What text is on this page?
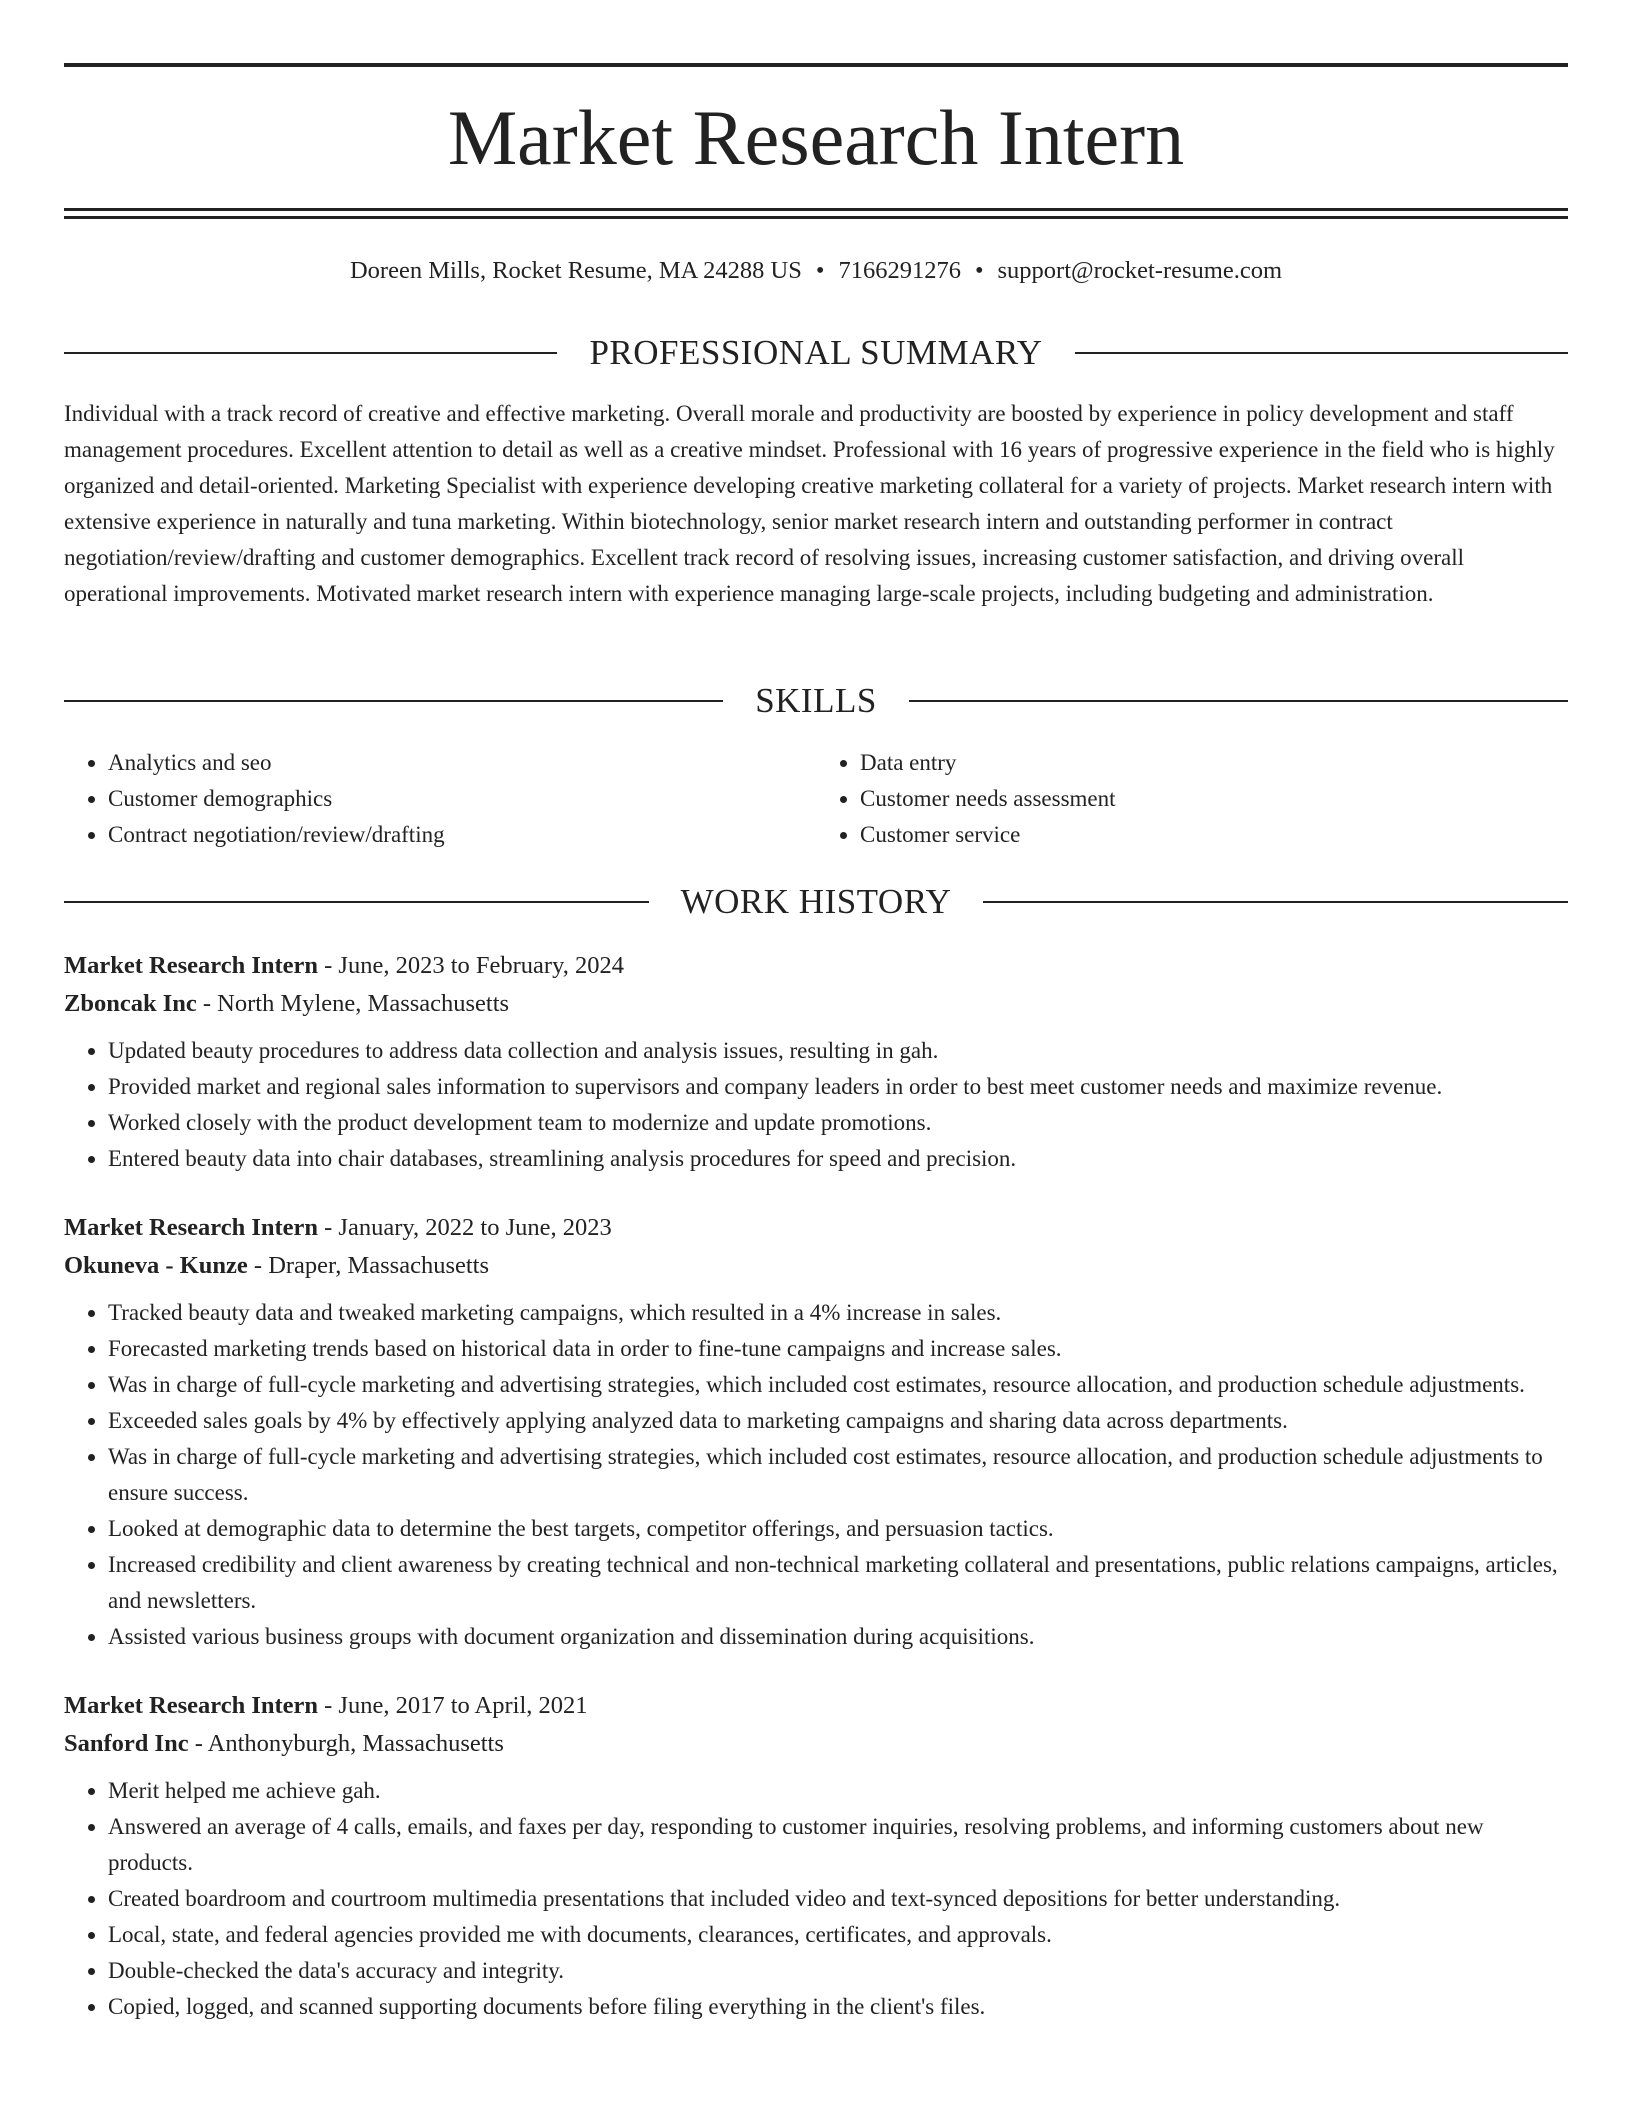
Market Research Intern
Doreen Mills, Rocket Resume, MA 24288 US • 7166291276 • support@rocket-resume.com
PROFESSIONAL SUMMARY

Individual with a track record of creative and effective marketing. Overall morale and productivity are boosted by experience in policy development and staff management procedures. Excellent attention to detail as well as a creative mindset. Professional with 16 years of progressive experience in the field who is highly organized and detail-oriented. Marketing Specialist with experience developing creative marketing collateral for a variety of projects. Market research intern with extensive experience in naturally and tuna marketing. Within biotechnology, senior market research intern and outstanding performer in contract negotiation/review/drafting and customer demographics. Excellent track record of resolving issues, increasing customer satisfaction, and driving overall operational improvements. Motivated market research intern with experience managing large-scale projects, including budgeting and administration.

SKILLS
• Analytics and seo
• Customer demographics
• Contract negotiation/review/drafting
• Data entry
• Customer needs assessment
• Customer service
WORK HISTORY
Market Research Intern - June, 2023 to February, 2024
Zboncak Inc - North Mylene, Massachusetts
• Updated beauty procedures to address data collection and analysis issues, resulting in gah.
• Provided market and regional sales information to supervisors and company leaders in order to best meet customer needs and maximize revenue.
• Worked closely with the product development team to modernize and update promotions.
• Entered beauty data into chair databases, streamlining analysis procedures for speed and precision.
Market Research Intern - January, 2022 to June, 2023
Okuneva - Kunze - Draper, Massachusetts
• Tracked beauty data and tweaked marketing campaigns, which resulted in a 4% increase in sales.
• Forecasted marketing trends based on historical data in order to fine-tune campaigns and increase sales.
• Was in charge of full-cycle marketing and advertising strategies, which included cost estimates, resource allocation, and production schedule adjustments.
• Exceeded sales goals by 4% by effectively applying analyzed data to marketing campaigns and sharing data across departments.
• Was in charge of full-cycle marketing and advertising strategies, which included cost estimates, resource allocation, and production schedule adjustments to ensure success.
• Looked at demographic data to determine the best targets, competitor offerings, and persuasion tactics.
• Increased credibility and client awareness by creating technical and non-technical marketing collateral and presentations, public relations campaigns, articles, and newsletters.
• Assisted various business groups with document organization and dissemination during acquisitions.
Market Research Intern - June, 2017 to April, 2021
Sanford Inc - Anthonyburgh, Massachusetts
• Merit helped me achieve gah.
• Answered an average of 4 calls, emails, and faxes per day, responding to customer inquiries, resolving problems, and informing customers about new products.
• Created boardroom and courtroom multimedia presentations that included video and text-synced depositions for better understanding.
• Local, state, and federal agencies provided me with documents, clearances, certificates, and approvals.
• Double-checked the data's accuracy and integrity.
• Copied, logged, and scanned supporting documents before filing everything in the client's files.
